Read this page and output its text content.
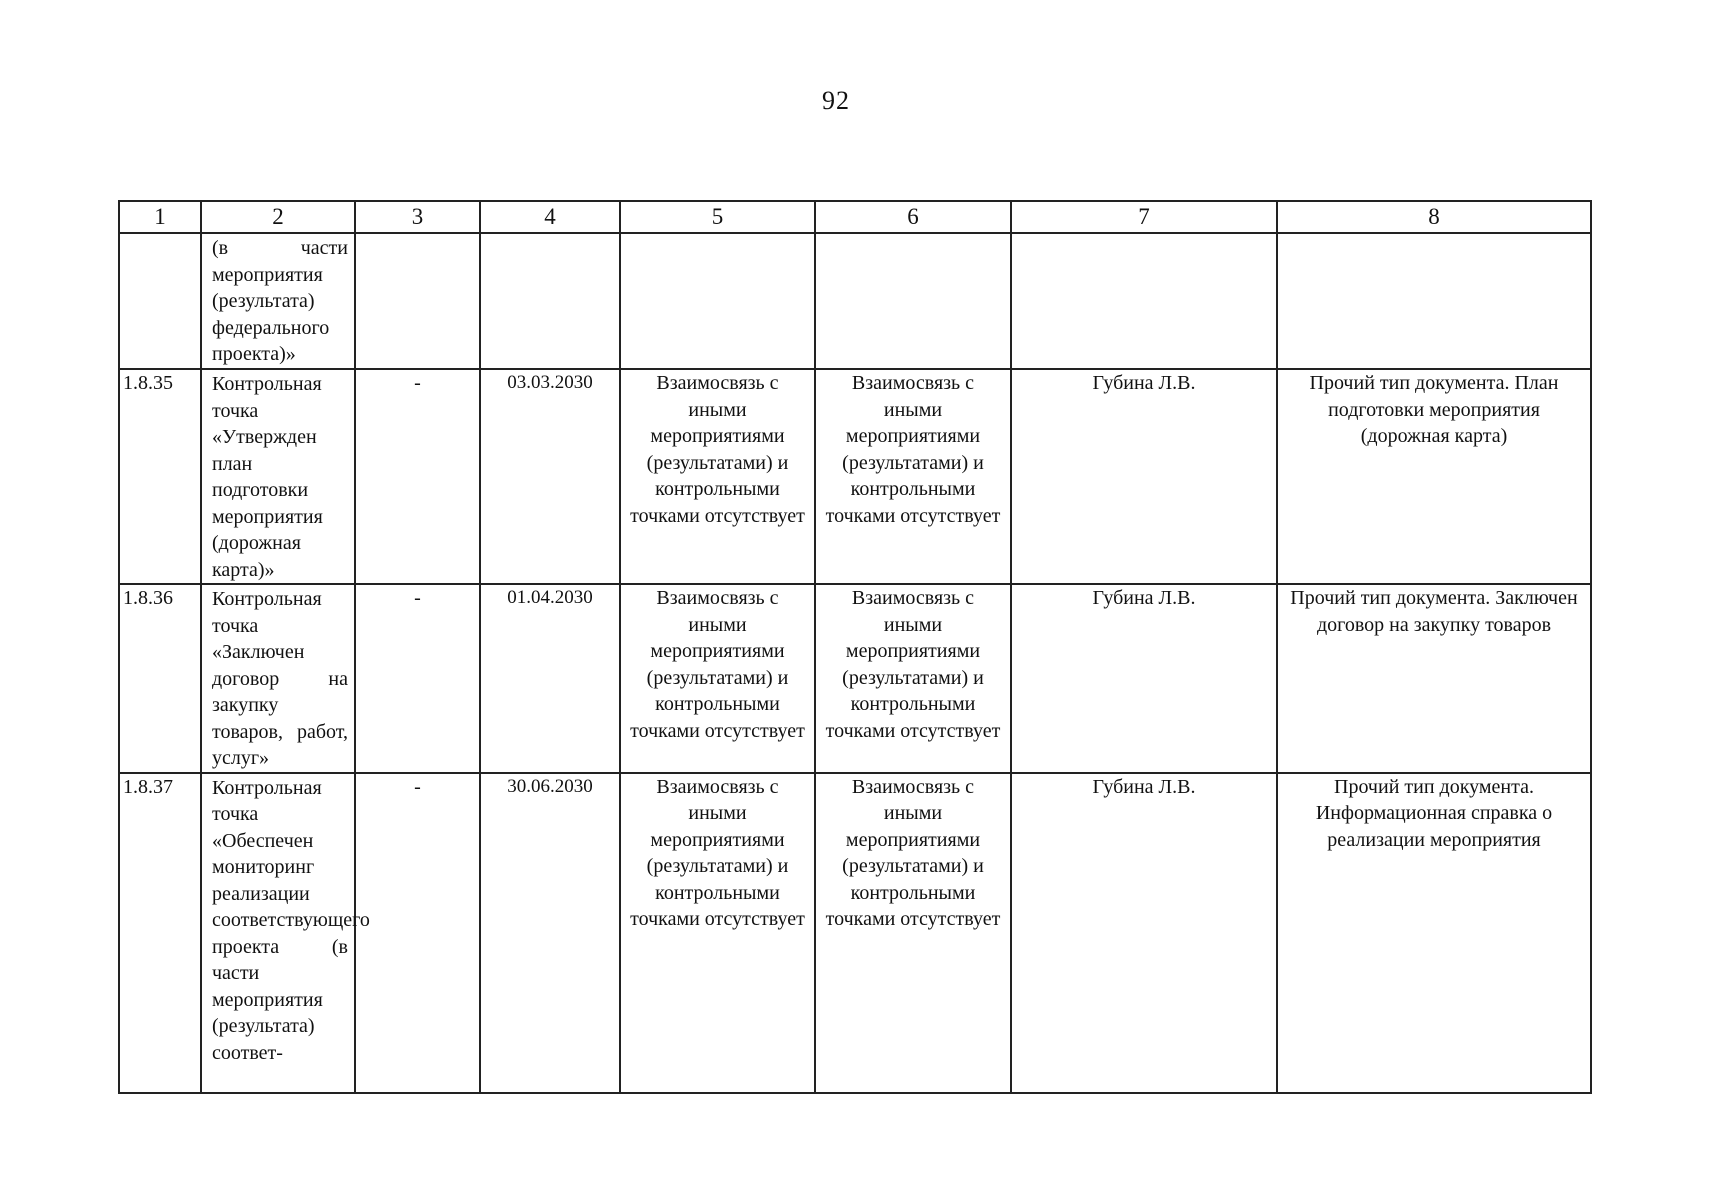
92
1	2	3	4	5	6	7	8
	(в части мероприятия (результата) федерального проекта)»						
1.8.35	Контрольная точка «Утвержден план подготовки мероприятия (дорожная карта)»	-	03.03.2030	Взаимосвязь с иными мероприятиями (результатами) и контрольными точками отсутствует	Взаимосвязь с иными мероприятиями (результатами) и контрольными точками отсутствует	Губина Л.В.	Прочий тип документа. План подготовки мероприятия (дорожная карта)
1.8.36	Контрольная точка «Заключен договор на закупку товаров, работ, услуг»	-	01.04.2030	Взаимосвязь с иными мероприятиями (результатами) и контрольными точками отсутствует	Взаимосвязь с иными мероприятиями (результатами) и контрольными точками отсутствует	Губина Л.В.	Прочий тип документа. Заключен договор на закупку товаров
1.8.37	Контрольная точка «Обеспечен мониторинг реализации соответствующего проекта (в части мероприятия (результата) соответ-	-	30.06.2030	Взаимосвязь с иными мероприятиями (результатами) и контрольными точками отсутствует	Взаимосвязь с иными мероприятиями (результатами) и контрольными точками отсутствует	Губина Л.В.	Прочий тип документа. Информационная справка о реализации мероприятия
